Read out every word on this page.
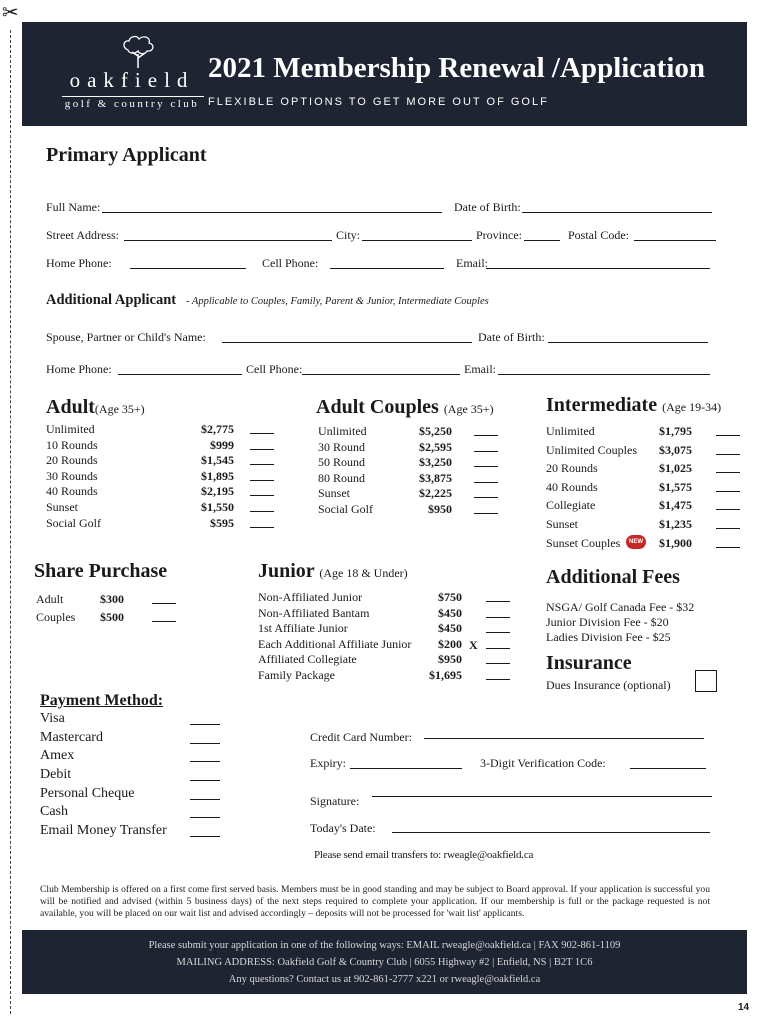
✂
oakfield
golf & country club
2021 Membership Renewal /Application
FLEXIBLE OPTIONS TO GET MORE OUT OF GOLF
Primary Applicant
Full Name:	Date of Birth:
Street Address:	City:	Province:	Postal Code:
Home Phone:	Cell Phone:	Email:
Additional Applicant - Applicable to Couples, Family, Parent & Junior, Intermediate Couples
Spouse, Partner or Child's Name:	Date of Birth:
Home Phone:	Cell Phone:	Email:
Adult(Age 35+)
Unlimited	$2,775
10 Rounds	$999
20 Rounds	$1,545
30 Rounds	$1,895
40 Rounds	$2,195
Sunset	$1,550
Social Golf	$595
Adult Couples (Age 35+)
Unlimited	$5,250
30 Round	$2,595
50 Round	$3,250
80 Round	$3,875
Sunset	$2,225
Social Golf	$950
Intermediate (Age 19-34)
Unlimited	$1,795
Unlimited Couples $3,075
20 Rounds	$1,025
40 Rounds	$1,575
Collegiate	$1,475
Sunset	$1,235
Sunset Couples	$1,900
NEW
Share Purchase
Adult	$300
Couples $500
Junior (Age 18 & Under)
Non-Affiliated Junior	$750
Non-Affiliated Bantam	$450
1st Affiliate Junior	$450
Each Additional Affiliate Junior $200
Affiliated Collegiate	$950
Family Package	$1,695
X
Additional Fees
NSGA/ Golf Canada Fee - $32
Junior Division Fee - $20
Ladies Division Fee - $25
Insurance
Dues Insurance (optional)
Payment Method:
Visa
Mastercard
Amex
Debit
Personal Cheque
Cash
Email Money Transfer
Credit Card Number:
Expiry:	3-Digit Verification Code:
Signature:
Today's Date:
Please send email transfers to: rweagle@oakfield.ca
Club Membership is offered on a first come first served basis. Members must be in good standing and may be subject to Board approval. If your application is successful you will be notified and advised (within 5 business days) of the next steps required to complete your application. If our membership is full or the package requested is not available, you will be placed on our wait list and advised accordingly – deposits will not be processed for 'wait list' applicants.
Please submit your application in one of the following ways: EMAIL rweagle@oakfield.ca | FAX 902-861-1109
MAILING ADDRESS: Oakfield Golf & Country Club | 6055 Highway #2 | Enfield, NS | B2T 1C6
Any questions? Contact us at 902-861-2777 x221 or rweagle@oakfield.ca
14
